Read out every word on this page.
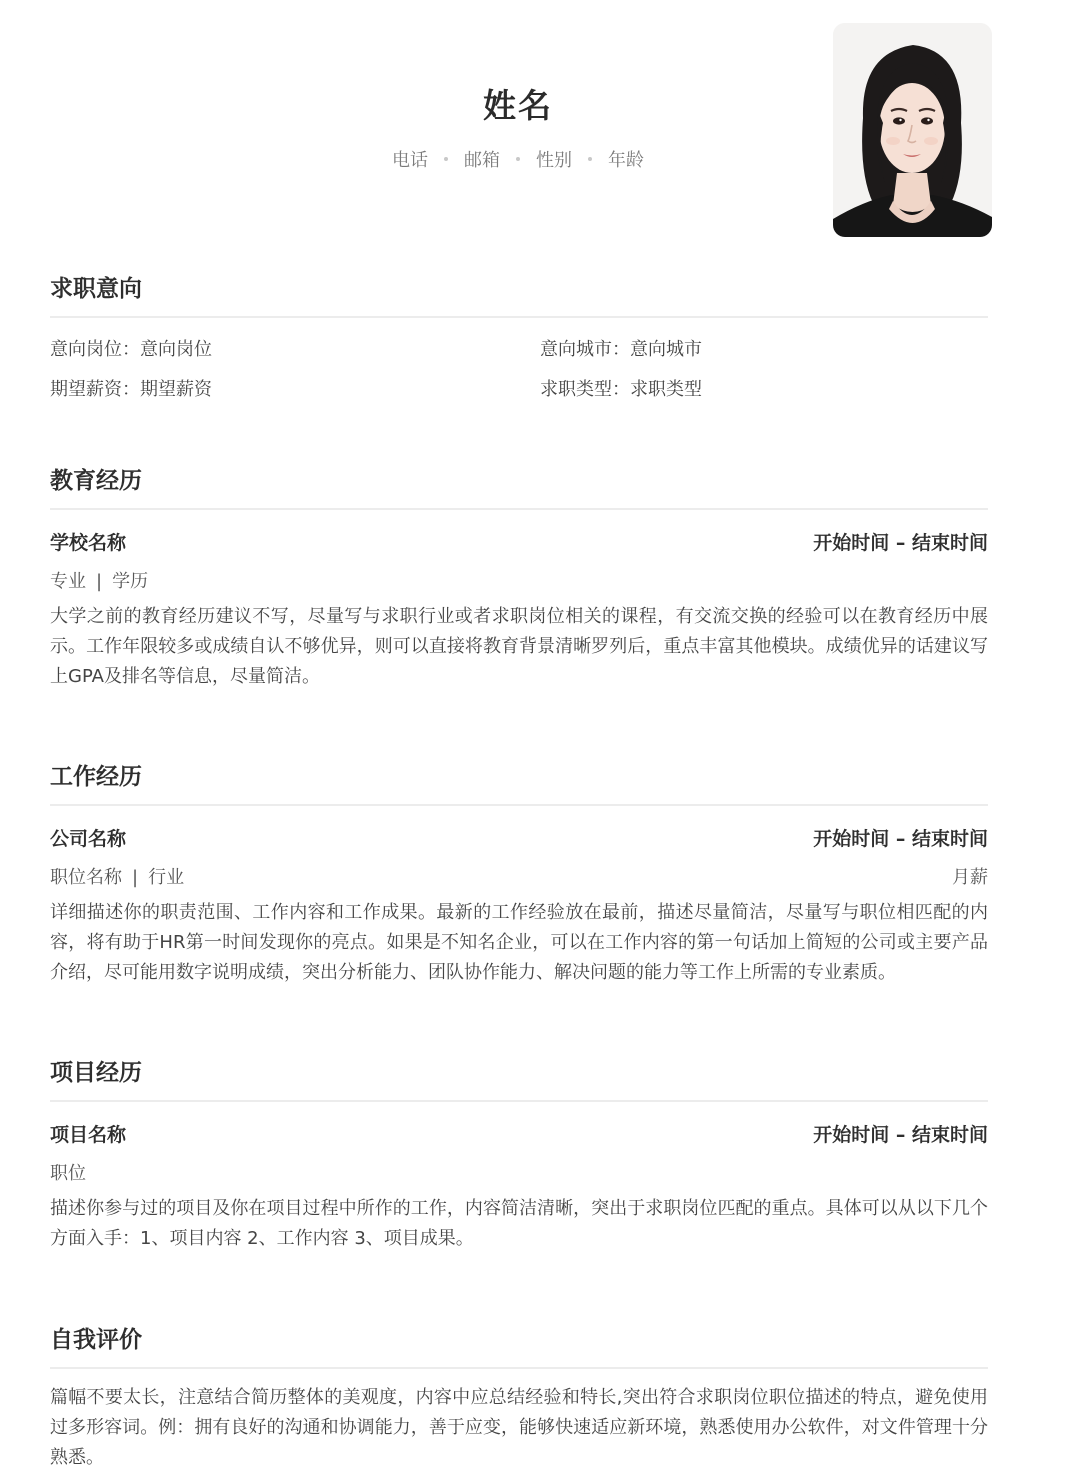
姓名
电话 邮箱 性别 年龄
求职意向
意向岗位：意向岗位	意向城市：意向城市
期望薪资：期望薪资	求职类型：求职类型
教育经历
学校名称	开始时间 – 结束时间
专业 | 学历
大学之前的教育经历建议不写，尽量写与求职行业或者求职岗位相关的课程，有交流交换的经验可以在教育经历中展示。工作年限较多或成绩自认不够优异，则可以直接将教育背景清晰罗列后，重点丰富其他模块。成绩优异的话建议写上GPA及排名等信息，尽量简洁。
工作经历
公司名称	开始时间 – 结束时间
职位名称 | 行业	月薪
详细描述你的职责范围、工作内容和工作成果。最新的工作经验放在最前，描述尽量简洁，尽量写与职位相匹配的内容，将有助于HR第一时间发现你的亮点。如果是不知名企业，可以在工作内容的第一句话加上简短的公司或主要产品介绍，尽可能用数字说明成绩，突出分析能力、团队协作能力、解决问题的能力等工作上所需的专业素质。
项目经历
项目名称	开始时间 – 结束时间
职位
描述你参与过的项目及你在项目过程中所作的工作，内容简洁清晰，突出于求职岗位匹配的重点。具体可以从以下几个方面入手：1、项目内容 2、工作内容 3、项目成果。
自我评价
篇幅不要太长，注意结合简历整体的美观度，内容中应总结经验和特长,突出符合求职岗位职位描述的特点，避免使用过多形容词。例：拥有良好的沟通和协调能力，善于应变，能够快速适应新环境，熟悉使用办公软件，对文件管理十分熟悉。
